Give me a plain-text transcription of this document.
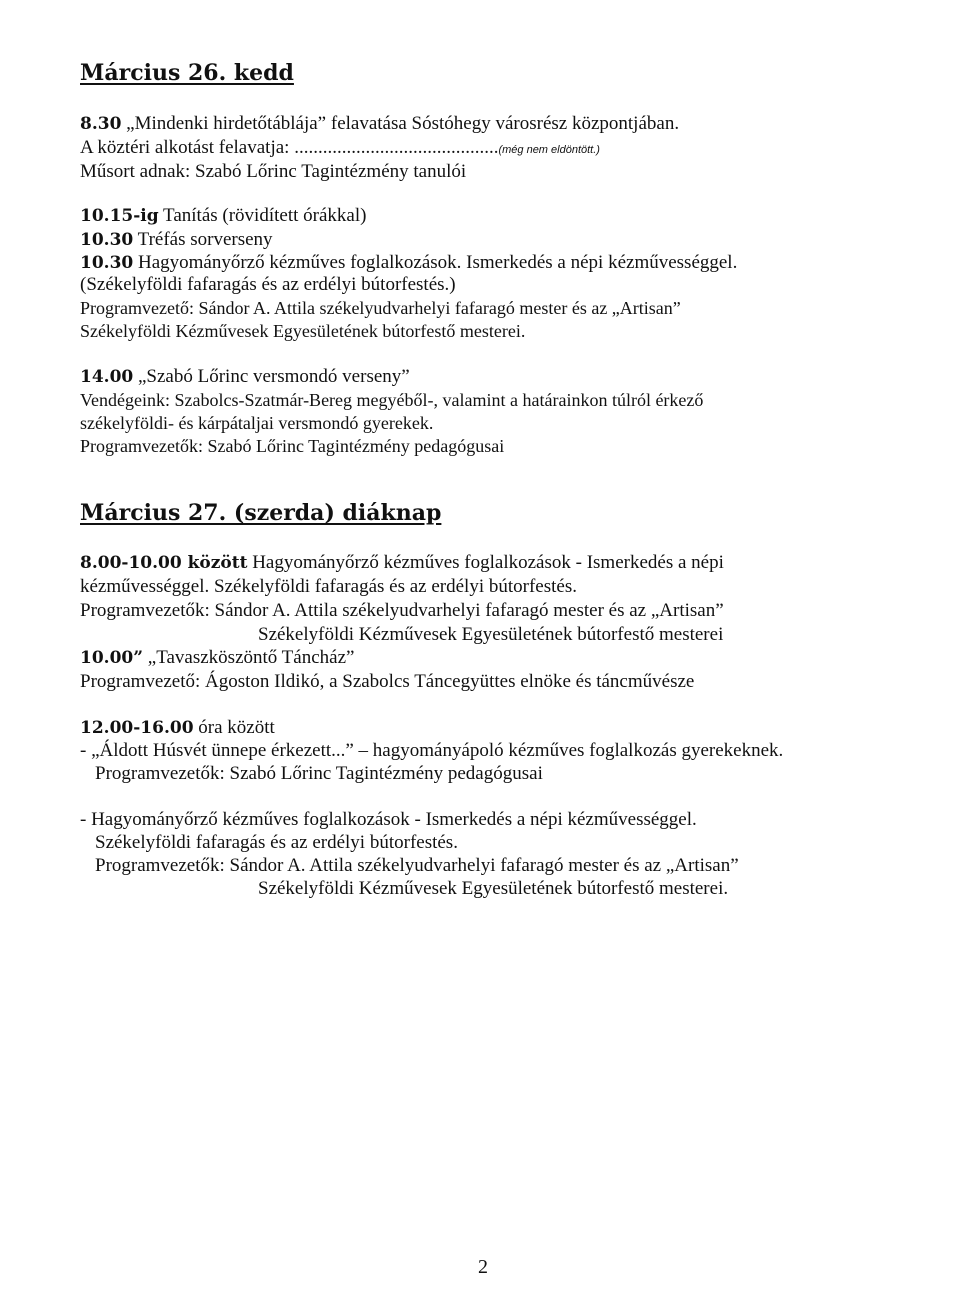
Március 26. kedd
8.30 „Mindenki hirdetőtáblája” felavatása Sóstóhegy városrész központjában.
A köztéri alkotást felavatja: ...........................................(még nem eldöntött.)
Műsort adnak: Szabó Lőrinc Tagintézmény tanulói
10.15-ig Tanítás (rövidített órákkal)
10.30 Tréfás sorverseny
10.30 Hagyományőrző kézműves foglalkozások. Ismerkedés a népi kézművességgel.
(Székelyföldi fafaragás és az erdélyi bútorfestés.)
Programvezető: Sándor A. Attila székelyudvarhelyi fafaragó mester és az „Artisan”
Székelyföldi Kézművesek Egyesületének bútorfestő mesterei.
14.00 „Szabó Lőrinc versmondó verseny”
Vendégeink: Szabolcs-Szatmár-Bereg megyéből-, valamint a határainkon túlról érkező
székelyföldi- és kárpátaljai versmondó gyerekek.
Programvezetők: Szabó Lőrinc Tagintézmény pedagógusai
Március 27. (szerda) diáknap
8.00-10.00 között Hagyományőrző kézműves foglalkozások - Ismerkedés a népi
kézművességgel. Székelyföldi fafaragás és az erdélyi bútorfestés.
Programvezetők: Sándor A. Attila székelyudvarhelyi fafaragó mester és az „Artisan”
Székelyföldi Kézművesek Egyesületének bútorfestő mesterei
10.00” „Tavaszköszöntő Táncház”
Programvezető: Ágoston Ildikó, a Szabolcs Táncegyüttes elnöke és táncművésze
12.00-16.00 óra között
- „Áldott Húsvét ünnepe érkezett...” – hagyományápoló kézműves foglalkozás gyerekeknek.
Programvezetők: Szabó Lőrinc Tagintézmény pedagógusai
- Hagyományőrző kézműves foglalkozások - Ismerkedés a népi kézművességgel.
Székelyföldi fafaragás és az erdélyi bútorfestés.
Programvezetők: Sándor A. Attila székelyudvarhelyi fafaragó mester és az „Artisan”
Székelyföldi Kézművesek Egyesületének bútorfestő mesterei.
2
